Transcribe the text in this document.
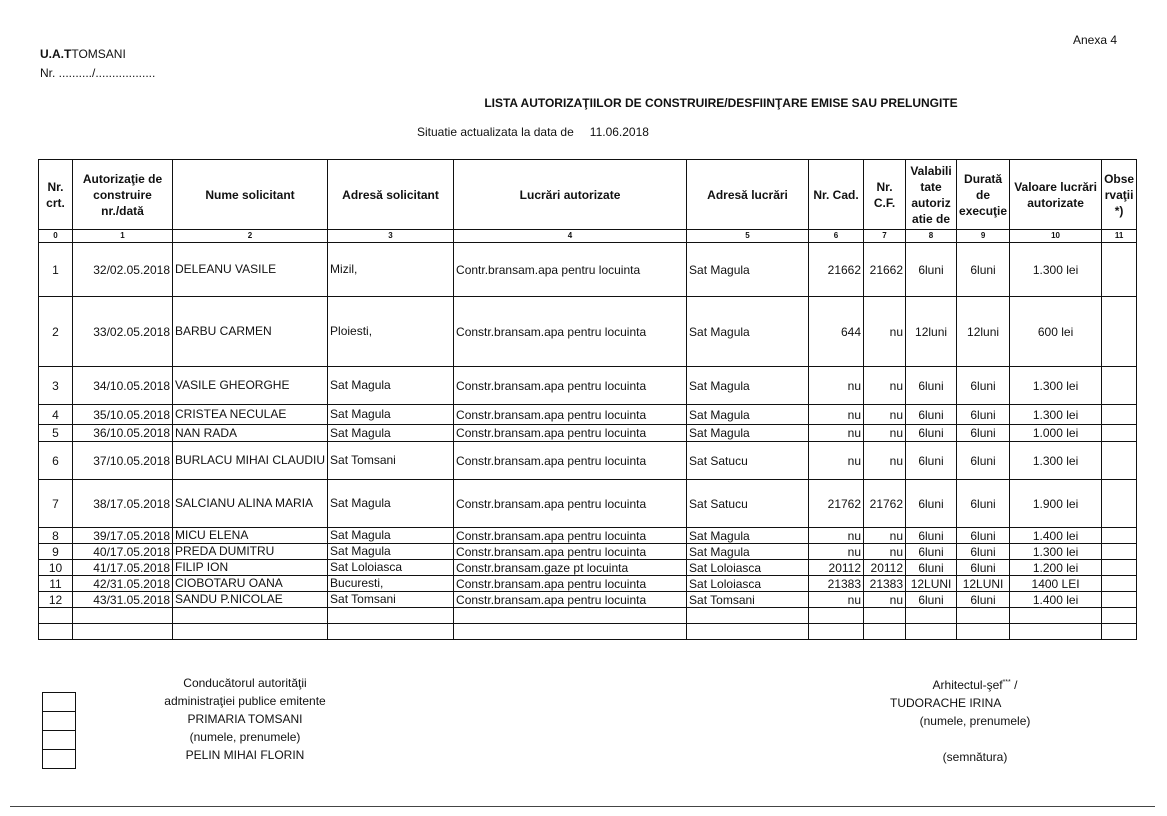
Anexa 4
U.A.TTOMSANI
Nr. ........../..................
LISTA AUTORIZAŢIILOR DE CONSTRUIRE/DESFIINŢARE EMISE SAU PRELUNGITE
Situatie actualizata la data de 11.06.2018
Nr. crt.	Autorizaţie de construire nr./dată	Nume solicitant	Adresă solicitant	Lucrări autorizate	Adresă lucrări	Nr. Cad.	Nr. C.F.	Valabili tate autoriz atie de	Durată de execuţie	Valoare lucrări autorizate	Obse rvaţii *)
0	1	2	3	4	5	6	7	8	9	10	11
1	32/02.05.2018	DELEANU VASILE	Mizil,	Contr.bransam.apa pentru locuinta	Sat Magula	21662	21662	6luni	6luni	1.300 lei	
2	33/02.05.2018	BARBU CARMEN	Ploiesti,	Constr.bransam.apa pentru locuinta	Sat Magula	644	nu	12luni	12luni	600 lei	
3	34/10.05.2018	VASILE GHEORGHE	Sat Magula	Constr.bransam.apa pentru locuinta	Sat Magula	nu	nu	6luni	6luni	1.300 lei	
4	35/10.05.2018	CRISTEA NECULAE	Sat Magula	Constr.bransam.apa pentru locuinta	Sat Magula	nu	nu	6luni	6luni	1.300 lei	
5	36/10.05.2018	NAN RADA	Sat Magula	Constr.bransam.apa pentru locuinta	Sat Magula	nu	nu	6luni	6luni	1.000 lei	
6	37/10.05.2018	BURLACU MIHAI CLAUDIU	Sat Tomsani	Constr.bransam.apa pentru locuinta	Sat Satucu	nu	nu	6luni	6luni	1.300 lei	
7	38/17.05.2018	SALCIANU ALINA MARIA	Sat Magula	Constr.bransam.apa pentru locuinta	Sat Satucu	21762	21762	6luni	6luni	1.900 lei	
8	39/17.05.2018	MICU ELENA	Sat Magula	Constr.bransam.apa pentru locuinta	Sat Magula	nu	nu	6luni	6luni	1.400 lei	
9	40/17.05.2018	PREDA DUMITRU	Sat Magula	Constr.bransam.apa pentru locuinta	Sat Magula	nu	nu	6luni	6luni	1.300 lei	
10	41/17.05.2018	FILIP ION	Sat Loloiasca	Constr.bransam.gaze pt locuinta	Sat Loloiasca	20112	20112	6luni	6luni	1.200 lei	
11	42/31.05.2018	CIOBOTARU OANA	Bucuresti,	Constr.bransam.apa pentru locuinta	Sat Loloiasca	21383	21383	12LUNI	12LUNI	1400 LEI	
12	43/31.05.2018	SANDU P.NICOLAE	Sat Tomsani	Constr.bransam.apa pentru locuinta	Sat Tomsani	nu	nu	6luni	6luni	1.400 lei	

Conducătorul autorităţii
administraţiei publice emitente
PRIMARIA TOMSANI
(numele, prenumele)
PELIN MIHAI FLORIN
Arhitectul-şef*** /
TUDORACHE IRINA
(numele, prenumele)
(semnătura)
